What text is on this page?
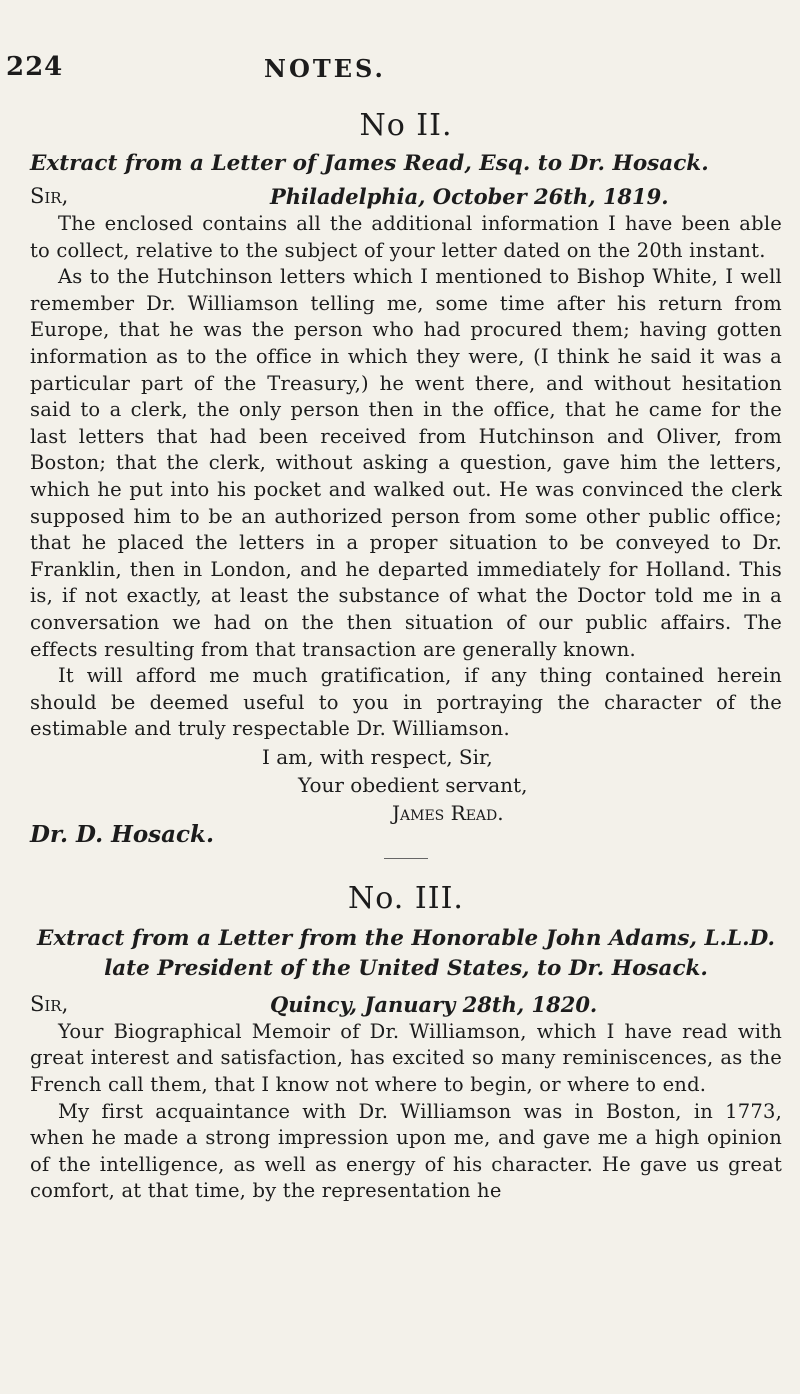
224	NOTES.
No II.
Extract from a Letter of James Read, Esq. to Dr. Hosack.
Sir,	Philadelphia, October 26th, 1819.

The enclosed contains all the additional information I have been able to collect, relative to the subject of your letter dated on the 20th instant.

As to the Hutchinson letters which I mentioned to Bishop White, I well remember Dr. Williamson telling me, some time after his return from Europe, that he was the person who had procured them; having gotten information as to the office in which they were, (I think he said it was a particular part of the Treasury,) he went there, and without hesitation said to a clerk, the only person then in the office, that he came for the last letters that had been received from Hutchinson and Oliver, from Boston; that the clerk, without asking a question, gave him the letters, which he put into his pocket and walked out. He was convinced the clerk supposed him to be an authorized person from some other public office; that he placed the letters in a proper situation to be conveyed to Dr. Franklin, then in London, and he departed immediately for Holland. This is, if not exactly, at least the substance of what the Doctor told me in a conversation we had on the then situation of our public affairs. The effects resulting from that transaction are generally known.

It will afford me much gratification, if any thing contained herein should be deemed useful to you in portraying the character of the estimable and truly respectable Dr. Williamson.

I am, with respect, Sir,
Your obedient servant,
James Read.
Dr. D. Hosack.
No. III.
Extract from a Letter from the Honorable John Adams, L.L.D.
late President of the United States, to Dr. Hosack.
Sir,	Quincy, January 28th, 1820.

Your Biographical Memoir of Dr. Williamson, which I have read with great interest and satisfaction, has excited so many reminiscences, as the French call them, that I know not where to begin, or where to end.

My first acquaintance with Dr. Williamson was in Boston, in 1773, when he made a strong impression upon me, and gave me a high opinion of the intelligence, as well as energy of his character. He gave us great comfort, at that time, by the representation he
